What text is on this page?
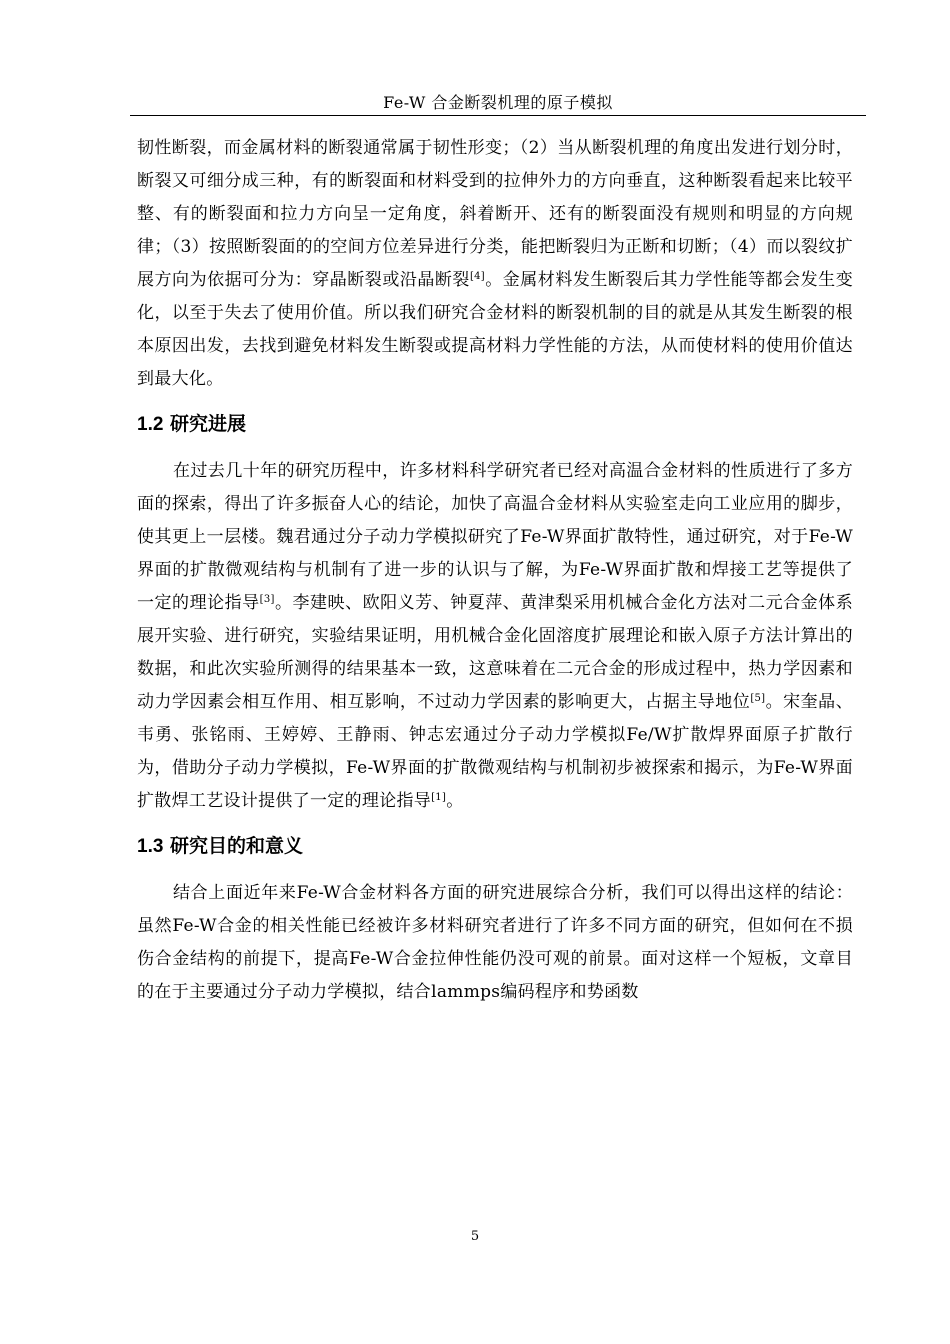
Fe-W 合金断裂机理的原子模拟

韧性断裂，而金属材料的断裂通常属于韧性形变；（2）当从断裂机理的角度出发进行划分时，断裂又可细分成三种，有的断裂面和材料受到的拉伸外力的方向垂直，这种断裂看起来比较平整、有的断裂面和拉力方向呈一定角度，斜着断开、还有的断裂面没有规则和明显的方向规律；（3）按照断裂面的的空间方位差异进行分类，能把断裂归为正断和切断；（4）而以裂纹扩展方向为依据可分为：穿晶断裂或沿晶断裂[4]。金属材料发生断裂后其力学性能等都会发生变化，以至于失去了使用价值。所以我们研究合金材料的断裂机制的目的就是从其发生断裂的根本原因出发，去找到避免材料发生断裂或提高材料力学性能的方法，从而使材料的使用价值达到最大化。

1.2 研究进展

在过去几十年的研究历程中，许多材料科学研究者已经对高温合金材料的性质进行了多方面的探索，得出了许多振奋人心的结论，加快了高温合金材料从实验室走向工业应用的脚步，使其更上一层楼。魏君通过分子动力学模拟研究了Fe-W界面扩散特性，通过研究，对于Fe-W界面的扩散微观结构与机制有了进一步的认识与了解，为Fe-W界面扩散和焊接工艺等提供了一定的理论指导[3]。李建映、欧阳义芳、钟夏萍、黄津梨采用机械合金化方法对二元合金体系展开实验、进行研究，实验结果证明，用机械合金化固溶度扩展理论和嵌入原子方法计算出的数据，和此次实验所测得的结果基本一致，这意味着在二元合金的形成过程中，热力学因素和动力学因素会相互作用、相互影响，不过动力学因素的影响更大，占据主导地位[5]。宋奎晶、韦勇、张铭雨、王婷婷、王静雨、钟志宏通过分子动力学模拟Fe/W扩散焊界面原子扩散行为，借助分子动力学模拟，Fe-W界面的扩散微观结构与机制初步被探索和揭示，为Fe-W界面扩散焊工艺设计提供了一定的理论指导[1]。

1.3 研究目的和意义

结合上面近年来Fe-W合金材料各方面的研究进展综合分析，我们可以得出这样的结论：虽然Fe-W合金的相关性能已经被许多材料研究者进行了许多不同方面的研究，但如何在不损伤合金结构的前提下，提高Fe-W合金拉伸性能仍没可观的前景。面对这样一个短板，文章目的在于主要通过分子动力学模拟，结合lammps编码程序和势函数

5
